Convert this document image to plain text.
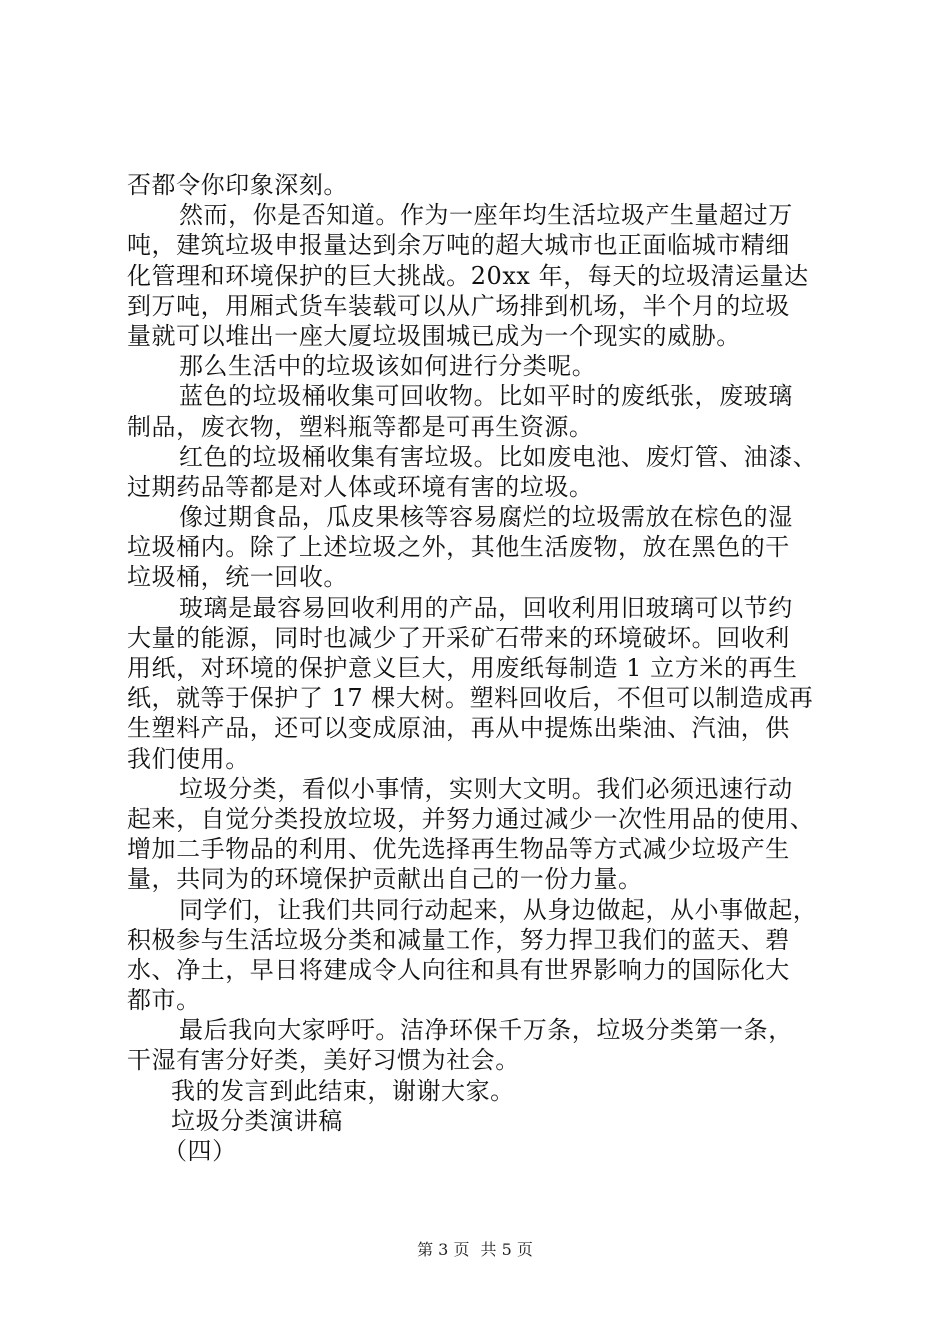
否都令你印象深刻。
然而，你是否知道。作为一座年均生活垃圾产生量超过万
吨，建筑垃圾申报量达到余万吨的超大城市也正面临城市精细
化管理和环境保护的巨大挑战。20xx 年，每天的垃圾清运量达
到万吨，用厢式货车装载可以从广场排到机场，半个月的垃圾
量就可以堆出一座大厦垃圾围城已成为一个现实的威胁。
那么生活中的垃圾该如何进行分类呢。
蓝色的垃圾桶收集可回收物。比如平时的废纸张，废玻璃
制品，废衣物，塑料瓶等都是可再生资源。
红色的垃圾桶收集有害垃圾。比如废电池、废灯管、油漆、
过期药品等都是对人体或环境有害的垃圾。
像过期食品，瓜皮果核等容易腐烂的垃圾需放在棕色的湿
垃圾桶内。除了上述垃圾之外，其他生活废物，放在黑色的干
垃圾桶，统一回收。
玻璃是最容易回收利用的产品，回收利用旧玻璃可以节约
大量的能源，同时也减少了开采矿石带来的环境破坏。回收利
用纸，对环境的保护意义巨大，用废纸每制造 1 立方米的再生
纸，就等于保护了 17 棵大树。塑料回收后，不但可以制造成再
生塑料产品，还可以变成原油，再从中提炼出柴油、汽油，供
我们使用。
垃圾分类，看似小事情，实则大文明。我们必须迅速行动
起来，自觉分类投放垃圾，并努力通过减少一次性用品的使用、
增加二手物品的利用、优先选择再生物品等方式减少垃圾产生
量，共同为的环境保护贡献出自己的一份力量。
同学们，让我们共同行动起来，从身边做起，从小事做起，
积极参与生活垃圾分类和减量工作，努力捍卫我们的蓝天、碧
水、净土，早日将建成令人向往和具有世界影响力的国际化大
都市。
最后我向大家呼吁。洁净环保千万条，垃圾分类第一条，
干湿有害分好类，美好习惯为社会。
我的发言到此结束，谢谢大家。
垃圾分类演讲稿
（四）
第 3 页 共 5 页
